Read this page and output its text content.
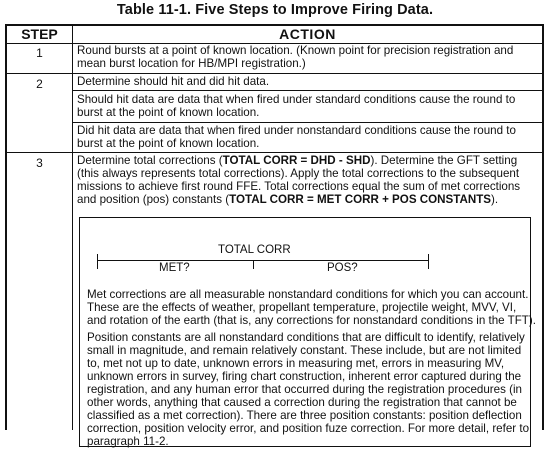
Table 11-1. Five Steps to Improve Firing Data.
STEP	ACTION
1	Round bursts at a point of known location. (Known point for precision registration and
mean burst location for HB/MPI registration.)
2	Determine should hit and did hit data.
Should hit data are data that when fired under standard conditions cause the round to
burst at the point of known location.
Did hit data are data that when fired under nonstandard conditions cause the round to
burst at the point of known location.
3	Determine total corrections (TOTAL CORR = DHD - SHD). Determine the GFT setting
(this always represents total corrections). Apply the total corrections to the subsequent
missions to achieve first round FFE. Total corrections equal the sum of met corrections
and position (pos) constants (TOTAL CORR = MET CORR + POS CONSTANTS).
TOTAL CORR
MET?	POS?
Met corrections are all measurable nonstandard conditions for which you can account.
These are the effects of weather, propellant temperature, projectile weight, MVV, VI,
and rotation of the earth (that is, any corrections for nonstandard conditions in the TFT).
Position constants are all nonstandard conditions that are difficult to identify, relatively
small in magnitude, and remain relatively constant. These include, but are not limited
to, met not up to date, unknown errors in measuring met, errors in measuring MV,
unknown errors in survey, firing chart construction, inherent error captured during the
registration, and any human error that occurred during the registration procedures (in
other words, anything that caused a correction during the registration that cannot be
classified as a met correction). There are three position constants: position deflection
correction, position velocity error, and position fuze correction. For more detail, refer to
paragraph 11-2.
